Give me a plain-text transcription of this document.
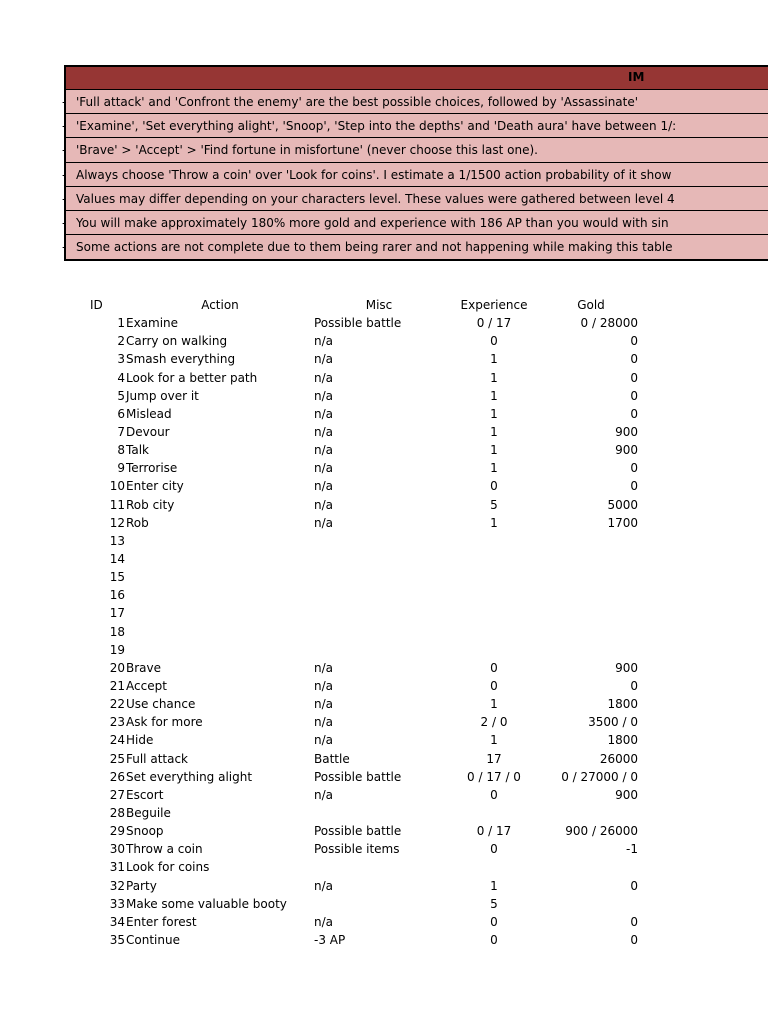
IM
- 'Full attack' and 'Confront the enemy' are the best possible choices, followed by 'Assassinate'
- 'Examine', 'Set everything alight', 'Snoop', 'Step into the depths' and 'Death aura' have between 1/:
- 'Brave' > 'Accept' > 'Find fortune in misfortune' (never choose this last one).
- Always choose 'Throw a coin' over 'Look for coins'. I estimate a 1/1500 action probability of it show
- Values may differ depending on your characters level. These values were gathered between level 4
- You will make approximately 180% more gold and experience with 186 AP than you would with sin
- Some actions are not complete due to them being rarer and not happening while making this table
ID	Action	Misc	Experience	Gold
1	Examine	Possible battle	0 / 17	0 / 28000
2	Carry on walking	n/a	0	0
3	Smash everything	n/a	1	0
4	Look for a better path	n/a	1	0
5	Jump over it	n/a	1	0
6	Mislead	n/a	1	0
7	Devour	n/a	1	900
8	Talk	n/a	1	900
9	Terrorise	n/a	1	0
10	Enter city	n/a	0	0
11	Rob city	n/a	5	5000
12	Rob	n/a	1	1700
13				
14				
15				
16				
17				
18				
19				
20	Brave	n/a	0	900
21	Accept	n/a	0	0
22	Use chance	n/a	1	1800
23	Ask for more	n/a	2 / 0	3500 / 0
24	Hide	n/a	1	1800
25	Full attack	Battle	17	26000
26	Set everything alight	Possible battle	0 / 17 / 0	0 / 27000 / 0
27	Escort	n/a	0	900
28	Beguile			
29	Snoop	Possible battle	0 / 17	900 / 26000
30	Throw a coin	Possible items	0	-1
31	Look for coins			
32	Party	n/a	1	0
33	Make some valuable booty		5	
34	Enter forest	n/a	0	0
35	Continue	-3 AP	0	0
